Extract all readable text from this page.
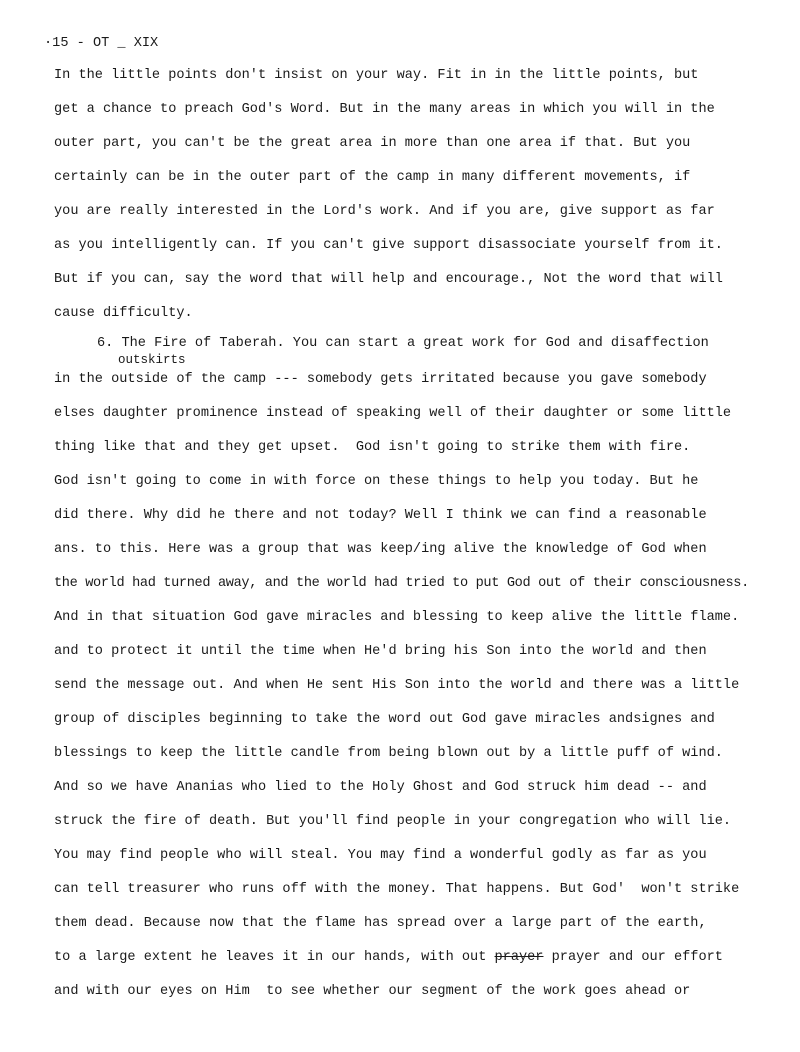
·15 - OT _ XIX
In the little points don't insist on your way. Fit in in the little points, but
get a chance to preach God's Word. But in the many areas in which you will in the
outer part, you can't be the great area in more than one area if that. But you
certainly can be in the outer part of the camp in many different movements, if
you are really interested in the Lord's work. And if you are, give support as far
as you intelligently can. If you can't give support disassociate yourself from it.
But if you can, say the word that will help and encourage., Not the word that will
cause difficulty.
6. The Fire of Taberah. You can start a great work for God and disaffection
outskirts
in the outside of the camp --- somebody gets irritated because you gave somebody
elses daughter prominence instead of speaking well of their daughter or some little
thing like that and they get upset.  God isn't going to strike them with fire.
God isn't going to come in with force on these things to help you today. But he
did there. Why did he there and not today? Well I think we can find a reasonable
ans. to this. Here was a group that was keep/ing alive the knowledge of God when
the world had turned away, and the world had tried to put God out of their consciousness.
And in that situation God gave miracles and blessing to keep alive the little flame.
and to protect it until the time when He'd bring his Son into the world and then
send the message out. And when He sent His Son into the world and there was a little
group of disciples beginning to take the word out God gave miracles andsignes and
blessings to keep the little candle from being blown out by a little puff of wind.
And so we have Ananias who lied to the Holy Ghost and God struck him dead -- and
struck the fire of death. But you'll find people in your congregation who will lie.
You may find people who will steal. You may find a wonderful godly as far as you
can tell treasurer who runs off with the money. That happens. But God'  won't strike
them dead. Because now that the flame has spread over a large part of the earth,
to a large extent he leaves it in our hands, with out prayer prayer and our effort
and with our eyes on Him  to see whether our segment of the work goes ahead or
